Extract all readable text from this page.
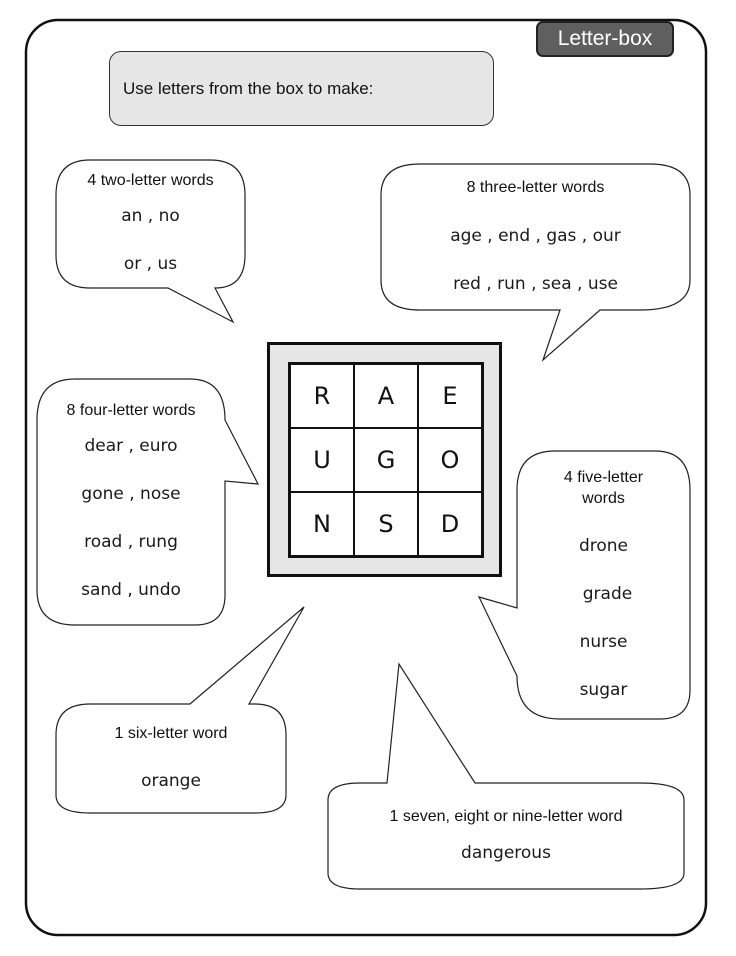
Letter-box
Use letters from the box to make:
4 two-letter words
an , no
or , us
8 three-letter words
age , end , gas , our
red , run , sea , use
8 four-letter words
dear , euro
gone , nose
road , rung
sand , undo
R	A	E
U	G	O
N	S	D
4 five-letter
words
drone
grade
nurse
sugar
1 six-letter word
orange
1 seven, eight or nine-letter word
dangerous
